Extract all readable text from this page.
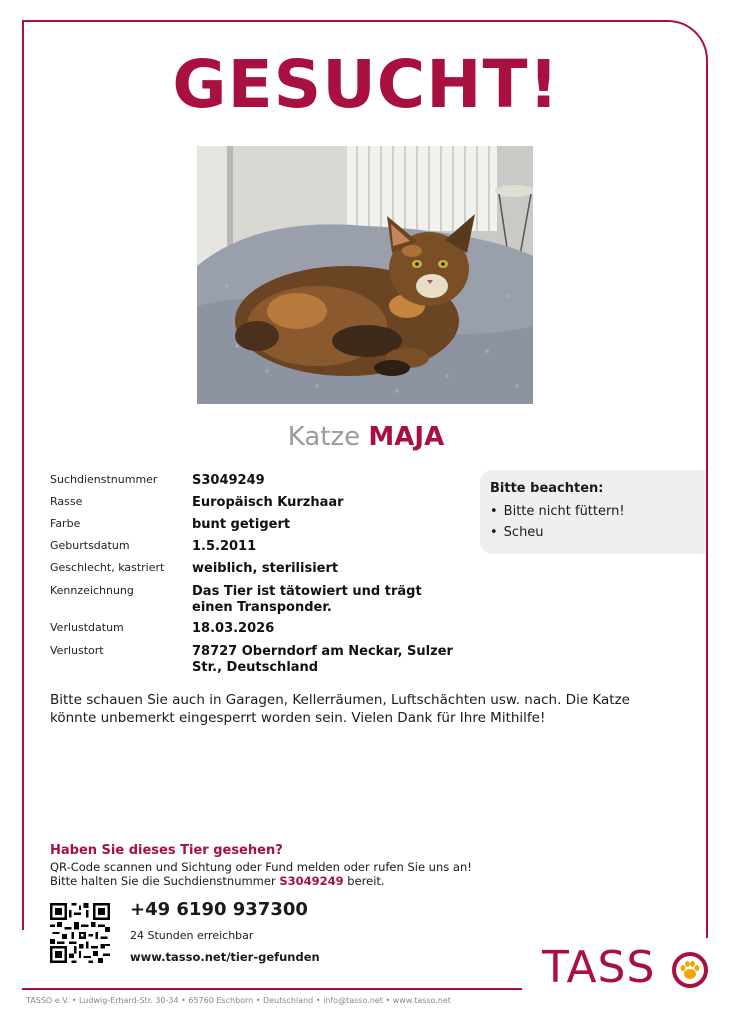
GESUCHT!
Katze MAJA
Suchdienstnummer	S3049249
Rasse	Europäisch Kurzhaar
Farbe	bunt getigert
Geburtsdatum	1.5.2011
Geschlecht, kastriert	weiblich, sterilisiert
Kennzeichnung	Das Tier ist tätowiert und trägt einen Transponder.
Verlustdatum	18.03.2026
Verlustort	78727 Oberndorf am Neckar, Sulzer Str., Deutschland

Bitte beachten:

• Bitte nicht füttern!
• Scheu

Bitte schauen Sie auch in Garagen, Kellerräumen, Luftschächten usw. nach. Die Katze könnte unbemerkt eingesperrt worden sein. Vielen Dank für Ihre Mithilfe!

Haben Sie dieses Tier gesehen?

QR-Code scannen und Sichtung oder Fund melden oder rufen Sie uns an!
Bitte halten Sie die Suchdienstnummer S3049249 bereit.

+49 6190 937300

24 Stunden erreichbar

www.tasso.net/tier-gefunden	TASS

TASSO e.V. • Ludwig-Erhard-Str. 30-34 • 65760 Eschborn • Deutschland • info@tasso.net • www.tasso.net
